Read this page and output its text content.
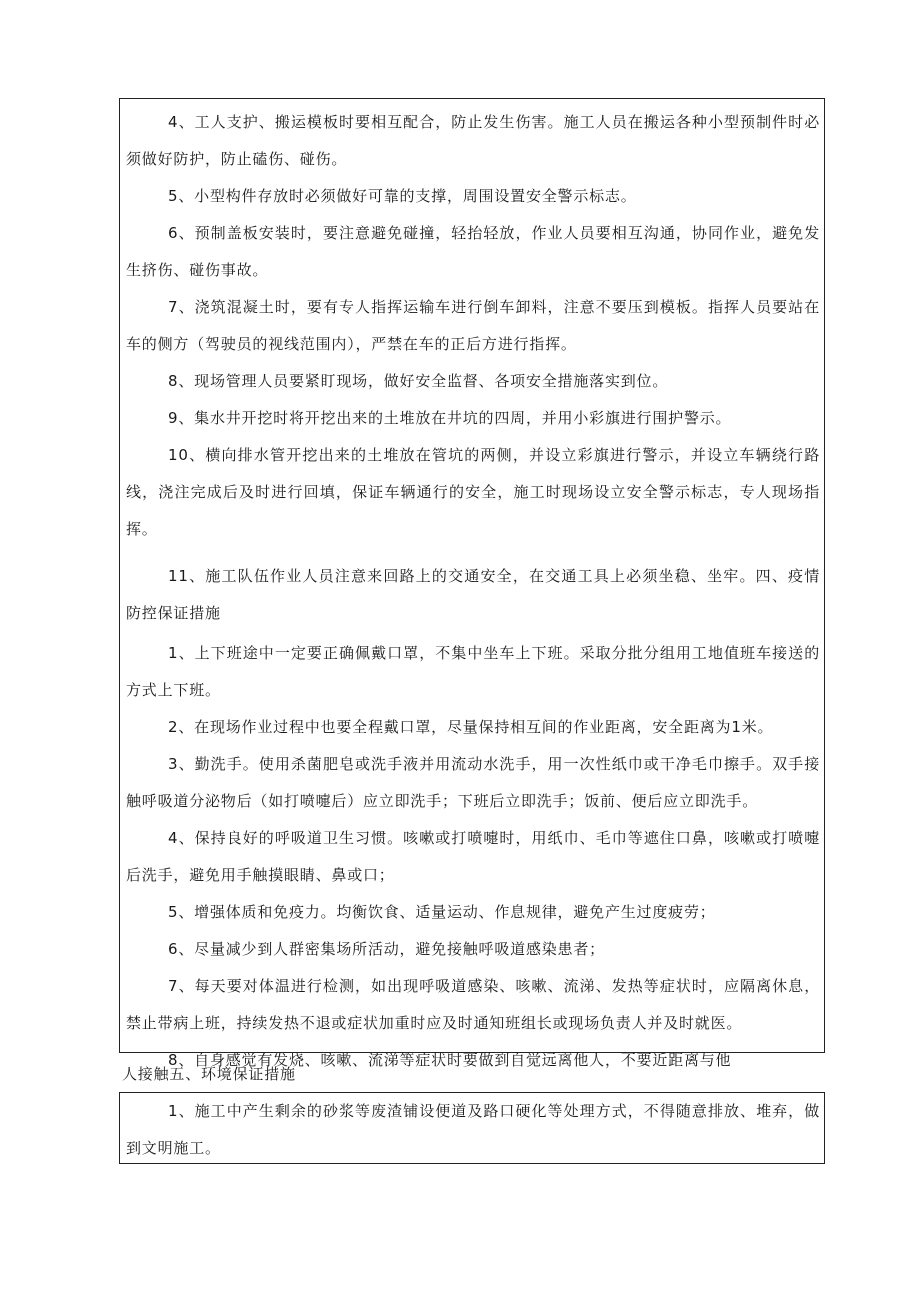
4、工人支护、搬运模板时要相互配合，防止发生伤害。施工人员在搬运各种小型预制件时必须做好防护，防止磕伤、碰伤。

5、小型构件存放时必须做好可靠的支撑，周围设置安全警示标志。

6、预制盖板安装时，要注意避免碰撞，轻抬轻放，作业人员要相互沟通，协同作业，避免发生挤伤、碰伤事故。

7、浇筑混凝土时，要有专人指挥运输车进行倒车卸料，注意不要压到模板。指挥人员要站在车的侧方（驾驶员的视线范围内），严禁在车的正后方进行指挥。

8、现场管理人员要紧盯现场，做好安全监督、各项安全措施落实到位。

9、集水井开挖时将开挖出来的土堆放在井坑的四周，并用小彩旗进行围护警示。

10、横向排水管开挖出来的土堆放在管坑的两侧，并设立彩旗进行警示，并设立车辆绕行路线，浇注完成后及时进行回填，保证车辆通行的安全，施工时现场设立安全警示标志，专人现场指挥。

11、施工队伍作业人员注意来回路上的交通安全，在交通工具上必须坐稳、坐牢。四、疫情防控保证措施

1、上下班途中一定要正确佩戴口罩，不集中坐车上下班。采取分批分组用工地值班车接送的方式上下班。

2、在现场作业过程中也要全程戴口罩，尽量保持相互间的作业距离，安全距离为1米。

3、勤洗手。使用杀菌肥皂或洗手液并用流动水洗手，用一次性纸巾或干净毛巾擦手。双手接触呼吸道分泌物后（如打喷嚏后）应立即洗手；下班后立即洗手；饭前、便后应立即洗手。

4、保持良好的呼吸道卫生习惯。咳嗽或打喷嚏时，用纸巾、毛巾等遮住口鼻，咳嗽或打喷嚏后洗手，避免用手触摸眼睛、鼻或口；

5、增强体质和免疫力。均衡饮食、适量运动、作息规律，避免产生过度疲劳；

6、尽量减少到人群密集场所活动，避免接触呼吸道感染患者；

7、每天要对体温进行检测，如出现呼吸道感染、咳嗽、流涕、发热等症状时，应隔离休息，禁止带病上班，持续发热不退或症状加重时应及时通知班组长或现场负责人并及时就医。

8、自身感觉有发烧、咳嗽、流涕等症状时要做到自觉远离他人，不要近距离与他

人接触五、环境保证措施

1、施工中产生剩余的砂浆等废渣铺设便道及路口硬化等处理方式，不得随意排放、堆弃，做到文明施工。
